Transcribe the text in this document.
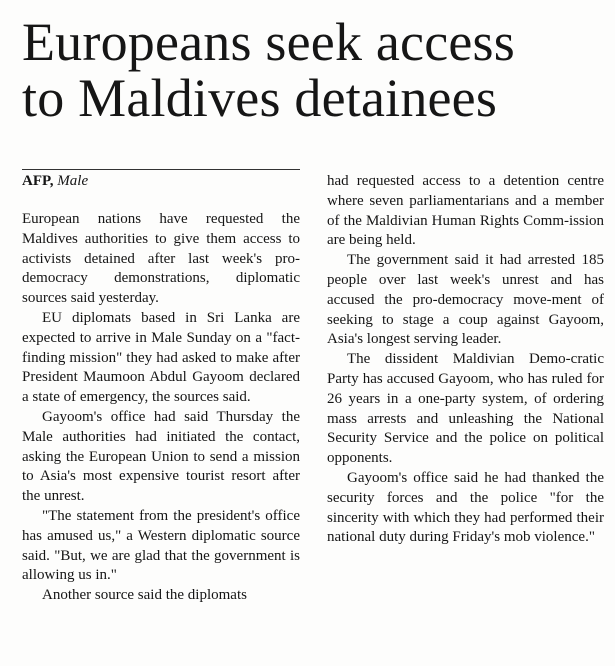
Europeans seek access
to Maldives detainees
AFP, Male

European nations have requested the Maldives authorities to give them access to activists detained after last week's pro-democracy demonstrations, diplomatic sources said yesterday.

EU diplomats based in Sri Lanka are expected to arrive in Male Sunday on a "fact-finding mission" they had asked to make after President Maumoon Abdul Gayoom declared a state of emergency, the sources said.

Gayoom's office had said Thursday the Male authorities had initiated the contact, asking the European Union to send a mission to Asia's most expensive tourist resort after the unrest.

"The statement from the president's office has amused us," a Western diplomatic source said. "But, we are glad that the government is allowing us in."

Another source said the diplomats

had requested access to a detention centre where seven parliamentarians and a member of the Maldivian Human Rights Comm-ission are being held.

The government said it had arrested 185 people over last week's unrest and has accused the pro-democracy move-ment of seeking to stage a coup against Gayoom, Asia's longest serving leader.

The dissident Maldivian Demo-cratic Party has accused Gayoom, who has ruled for 26 years in a one-party system, of ordering mass arrests and unleashing the National Security Service and the police on political opponents.

Gayoom's office said he had thanked the security forces and the police "for the sincerity with which they had performed their national duty during Friday's mob violence."
